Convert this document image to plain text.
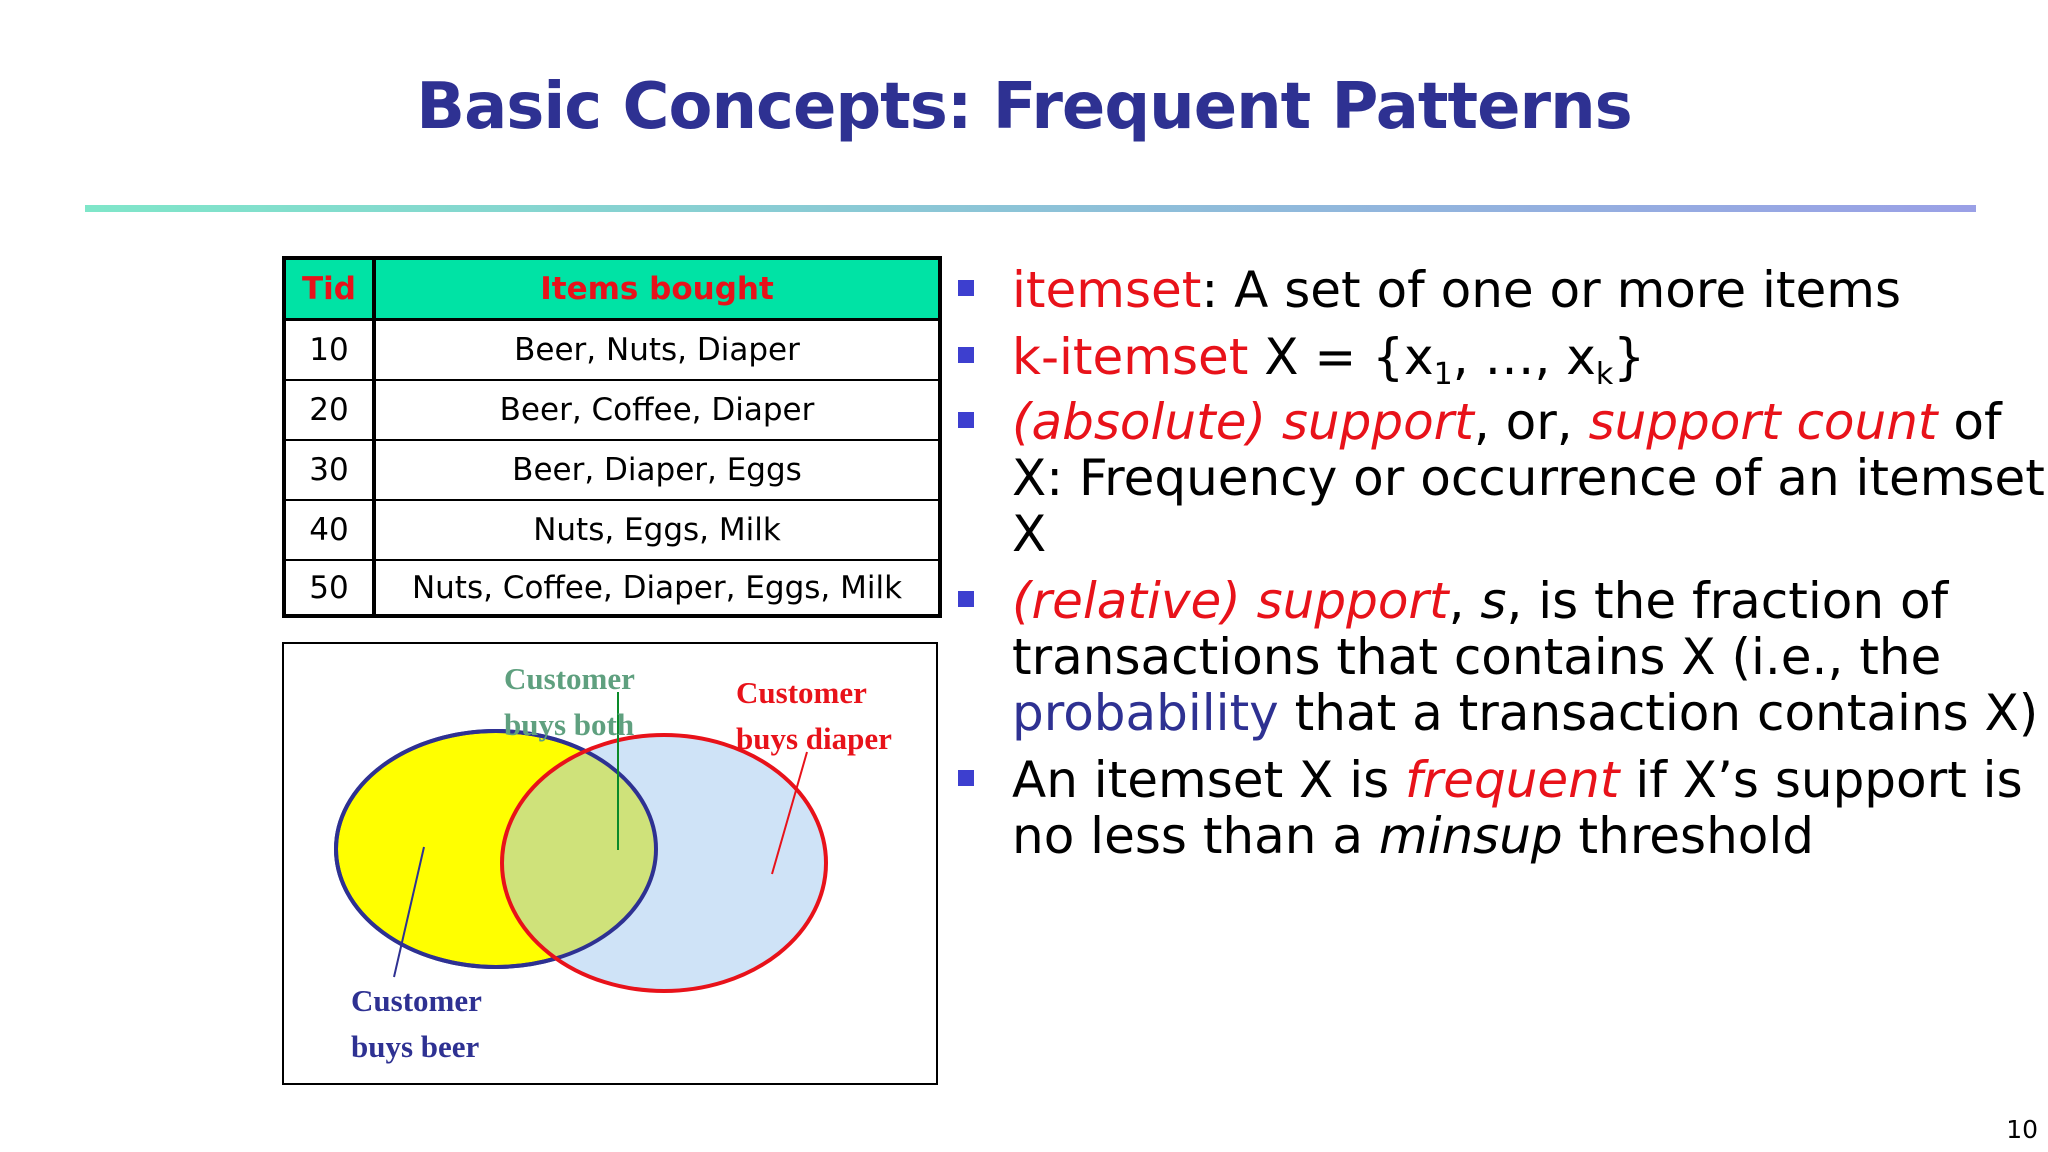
Basic Concepts: Frequent Patterns
Tid	Items bought
10	Beer, Nuts, Diaper
20	Beer, Coffee, Diaper
30	Beer, Diaper, Eggs
40	Nuts, Eggs, Milk
50	Nuts, Coffee, Diaper, Eggs, Milk
Customer
buys both
Customer
buys diaper
Customer
buys beer
itemset: A set of one or more items
k-itemset $X = \{x_1$, …, $x_k$}
(absolute) support, or, support count of X: Frequency or occurrence of an itemset X
(relative) support, s, is the fraction of transactions that contains X (i.e., the probability that a transaction contains X)
An itemset X is frequent if X’s support is no less than a minsup threshold
10
